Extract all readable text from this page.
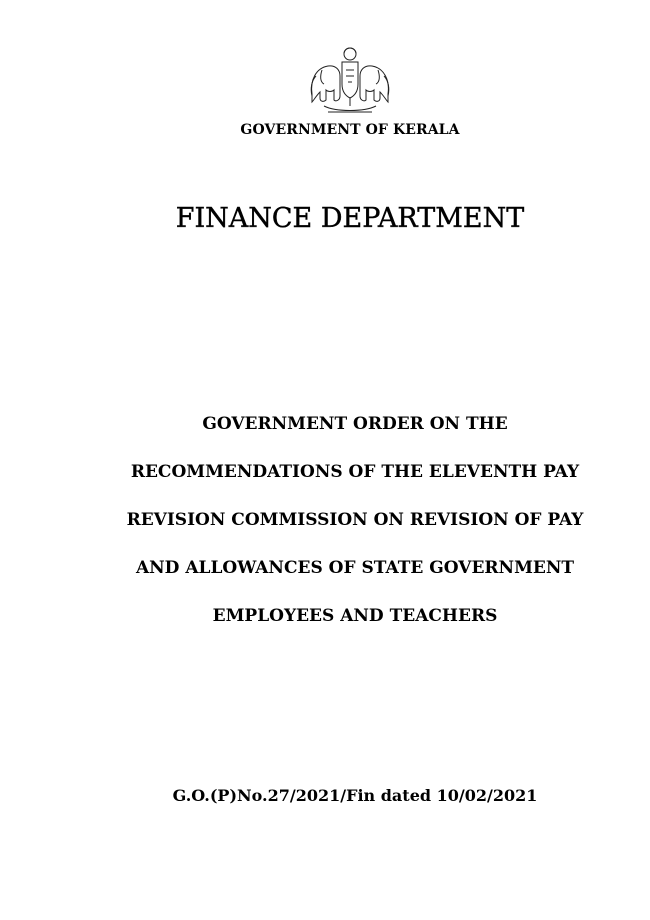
GOVERNMENT OF KERALA
FINANCE DEPARTMENT
GOVERNMENT ORDER ON THE
RECOMMENDATIONS OF THE ELEVENTH PAY
REVISION COMMISSION ON REVISION OF PAY
AND ALLOWANCES OF STATE GOVERNMENT
EMPLOYEES AND TEACHERS
G.O.(P)No.27/2021/Fin dated 10/02/2021
